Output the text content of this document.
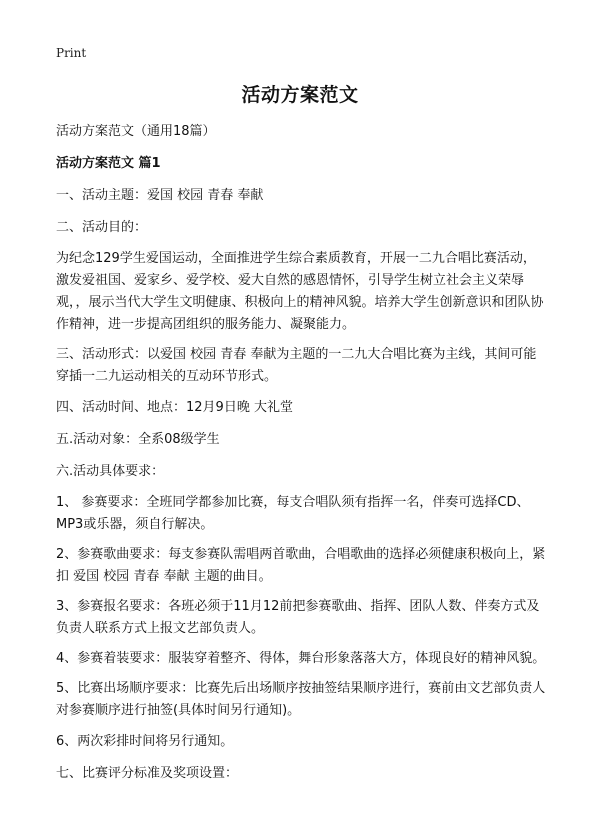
Print
活动方案范文

活动方案范文（通用18篇）

活动方案范文 篇1

一、活动主题：爱国 校园 青春 奉献

二、活动目的：

为纪念129学生爱国运动，全面推进学生综合素质教育，开展一二九合唱比赛活动，激发爱祖国、爱家乡、爱学校、爱大自然的感恩情怀，引导学生树立社会主义荣辱观，，展示当代大学生文明健康、积极向上的精神风貌。培养大学生创新意识和团队协作精神，进一步提高团组织的服务能力、凝聚能力。

三、活动形式：以爱国 校园 青春 奉献为主题的一二九大合唱比赛为主线，其间可能穿插一二九运动相关的互动环节形式。

四、活动时间、地点：12月9日晚 大礼堂

五.活动对象：全系08级学生

六.活动具体要求：

1、 参赛要求：全班同学都参加比赛，每支合唱队须有指挥一名，伴奏可选择CD、MP3或乐器，须自行解决。

2、参赛歌曲要求：每支参赛队需唱两首歌曲，合唱歌曲的选择必须健康积极向上，紧扣 爱国 校园 青春 奉献 主题的曲目。

3、参赛报名要求：各班必须于11月12前把参赛歌曲、指挥、团队人数、伴奏方式及负责人联系方式上报文艺部负责人。

4、参赛着装要求：服装穿着整齐、得体，舞台形象落落大方，体现良好的精神风貌。

5、比赛出场顺序要求：比赛先后出场顺序按抽签结果顺序进行，赛前由文艺部负责人对参赛顺序进行抽签(具体时间另行通知)。

6、两次彩排时间将另行通知。

七、比赛评分标准及奖项设置：
